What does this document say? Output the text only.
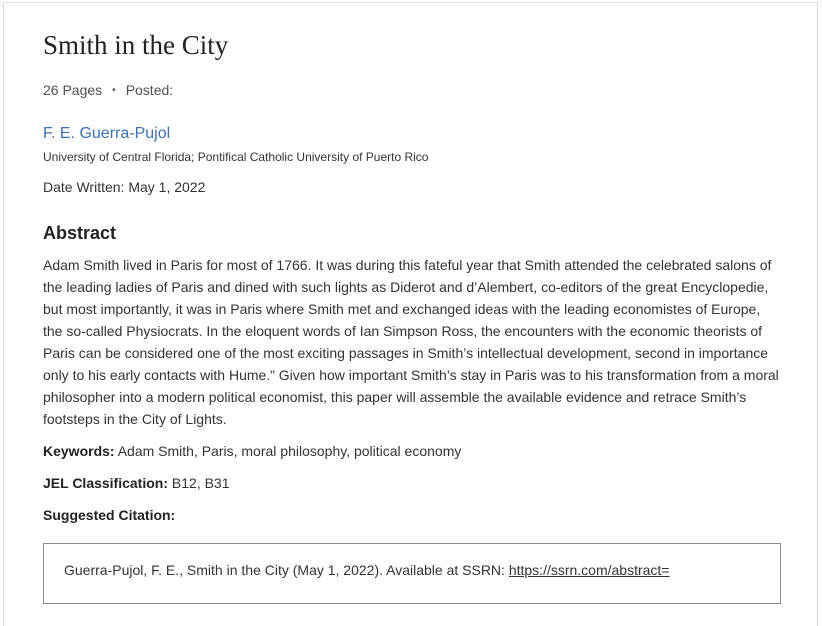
Smith in the City
26 Pages • Posted:
F. E. Guerra-Pujol
University of Central Florida; Pontifical Catholic University of Puerto Rico
Date Written: May 1, 2022
Abstract

Adam Smith lived in Paris for most of 1766. It was during this fateful year that Smith attended the celebrated salons of the leading ladies of Paris and dined with such lights as Diderot and d’Alembert, co-editors of the great Encyclopedie, but most importantly, it was in Paris where Smith met and exchanged ideas with the leading economistes of Europe, the so-called Physiocrats. In the eloquent words of Ian Simpson Ross, the encounters with the economic theorists of Paris can be considered one of the most exciting passages in Smith’s intellectual development, second in importance only to his early contacts with Hume.” Given how important Smith’s stay in Paris was to his transformation from a moral philosopher into a modern political economist, this paper will assemble the available evidence and retrace Smith’s footsteps in the City of Lights.

Keywords: Adam Smith, Paris, moral philosophy, political economy
JEL Classification: B12, B31
Suggested Citation:
Guerra-Pujol, F. E., Smith in the City (May 1, 2022). Available at SSRN: https://ssrn.com/abstract=
